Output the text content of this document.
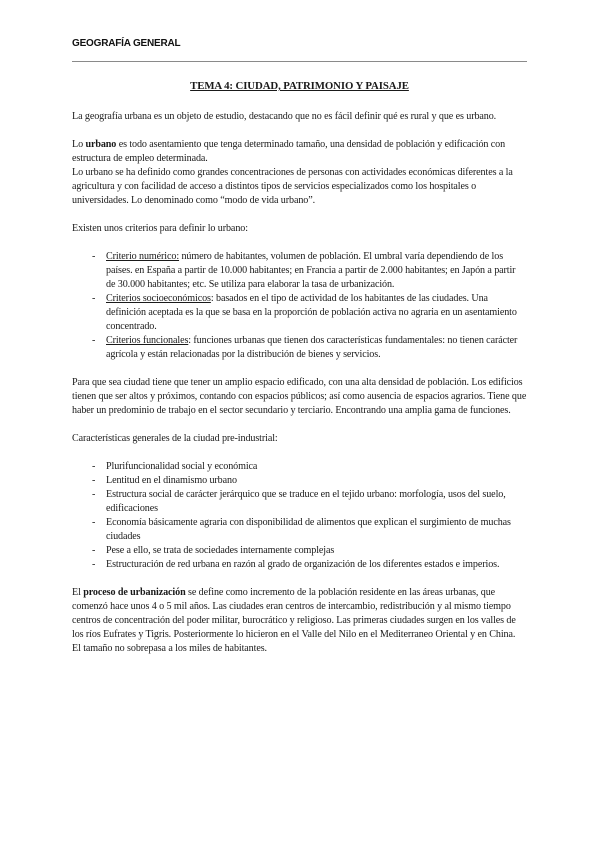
GEOGRAFÍA GENERAL
TEMA 4: CIUDAD, PATRIMONIO Y PAISAJE

La geografía urbana es un objeto de estudio, destacando que no es fácil definir qué es rural y que es urbano.

Lo urbano es todo asentamiento que tenga determinado tamaño, una densidad de población y edificación con estructura de empleo determinada.

Lo urbano se ha definido como grandes concentraciones de personas con actividades económicas diferentes a la agricultura y con facilidad de acceso a distintos tipos de servicios especializados como los hospitales o universidades. Lo denominado como “modo de vida urbano”.

Existen unos criterios para definir lo urbano:

- Criterio numérico: número de habitantes, volumen de población. El umbral varía dependiendo de los países. en España a partir de 10.000 habitantes; en Francia a partir de 2.000 habitantes; en Japón a partir de 30.000 habitantes; etc. Se utiliza para elaborar la tasa de urbanización.
- Criterios socioeconómicos: basados en el tipo de actividad de los habitantes de las ciudades. Una definición aceptada es la que se basa en la proporción de población activa no agraria en un asentamiento concentrado.
- Criterios funcionales: funciones urbanas que tienen dos características fundamentales: no tienen carácter agrícola y están relacionadas por la distribución de bienes y servicios.

Para que sea ciudad tiene que tener un amplio espacio edificado, con una alta densidad de población. Los edificios tienen que ser altos y próximos, contando con espacios públicos; así como ausencia de espacios agrarios. Tiene que haber un predominio de trabajo en el sector secundario y terciario. Encontrando una amplia gama de funciones.

Características generales de la ciudad pre-industrial:

- Plurifuncionalidad social y económica
- Lentitud en el dinamismo urbano
- Estructura social de carácter jerárquico que se traduce en el tejido urbano: morfología, usos del suelo, edificaciones
- Economía básicamente agraria con disponibilidad de alimentos que explican el surgimiento de muchas ciudades
- Pese a ello, se trata de sociedades internamente complejas
- Estructuración de red urbana en razón al grado de organización de los diferentes estados e imperios.

El proceso de urbanización se define como incremento de la población residente en las áreas urbanas, que comenzó hace unos 4 o 5 mil años. Las ciudades eran centros de intercambio, redistribución y al mismo tiempo centros de concentración del poder militar, burocrático y religioso. Las primeras ciudades surgen en los valles de los ríos Eufrates y Tigris. Posteriormente lo hicieron en el Valle del Nilo en el Mediterraneo Oriental y en China.

El tamaño no sobrepasa a los miles de habitantes.
